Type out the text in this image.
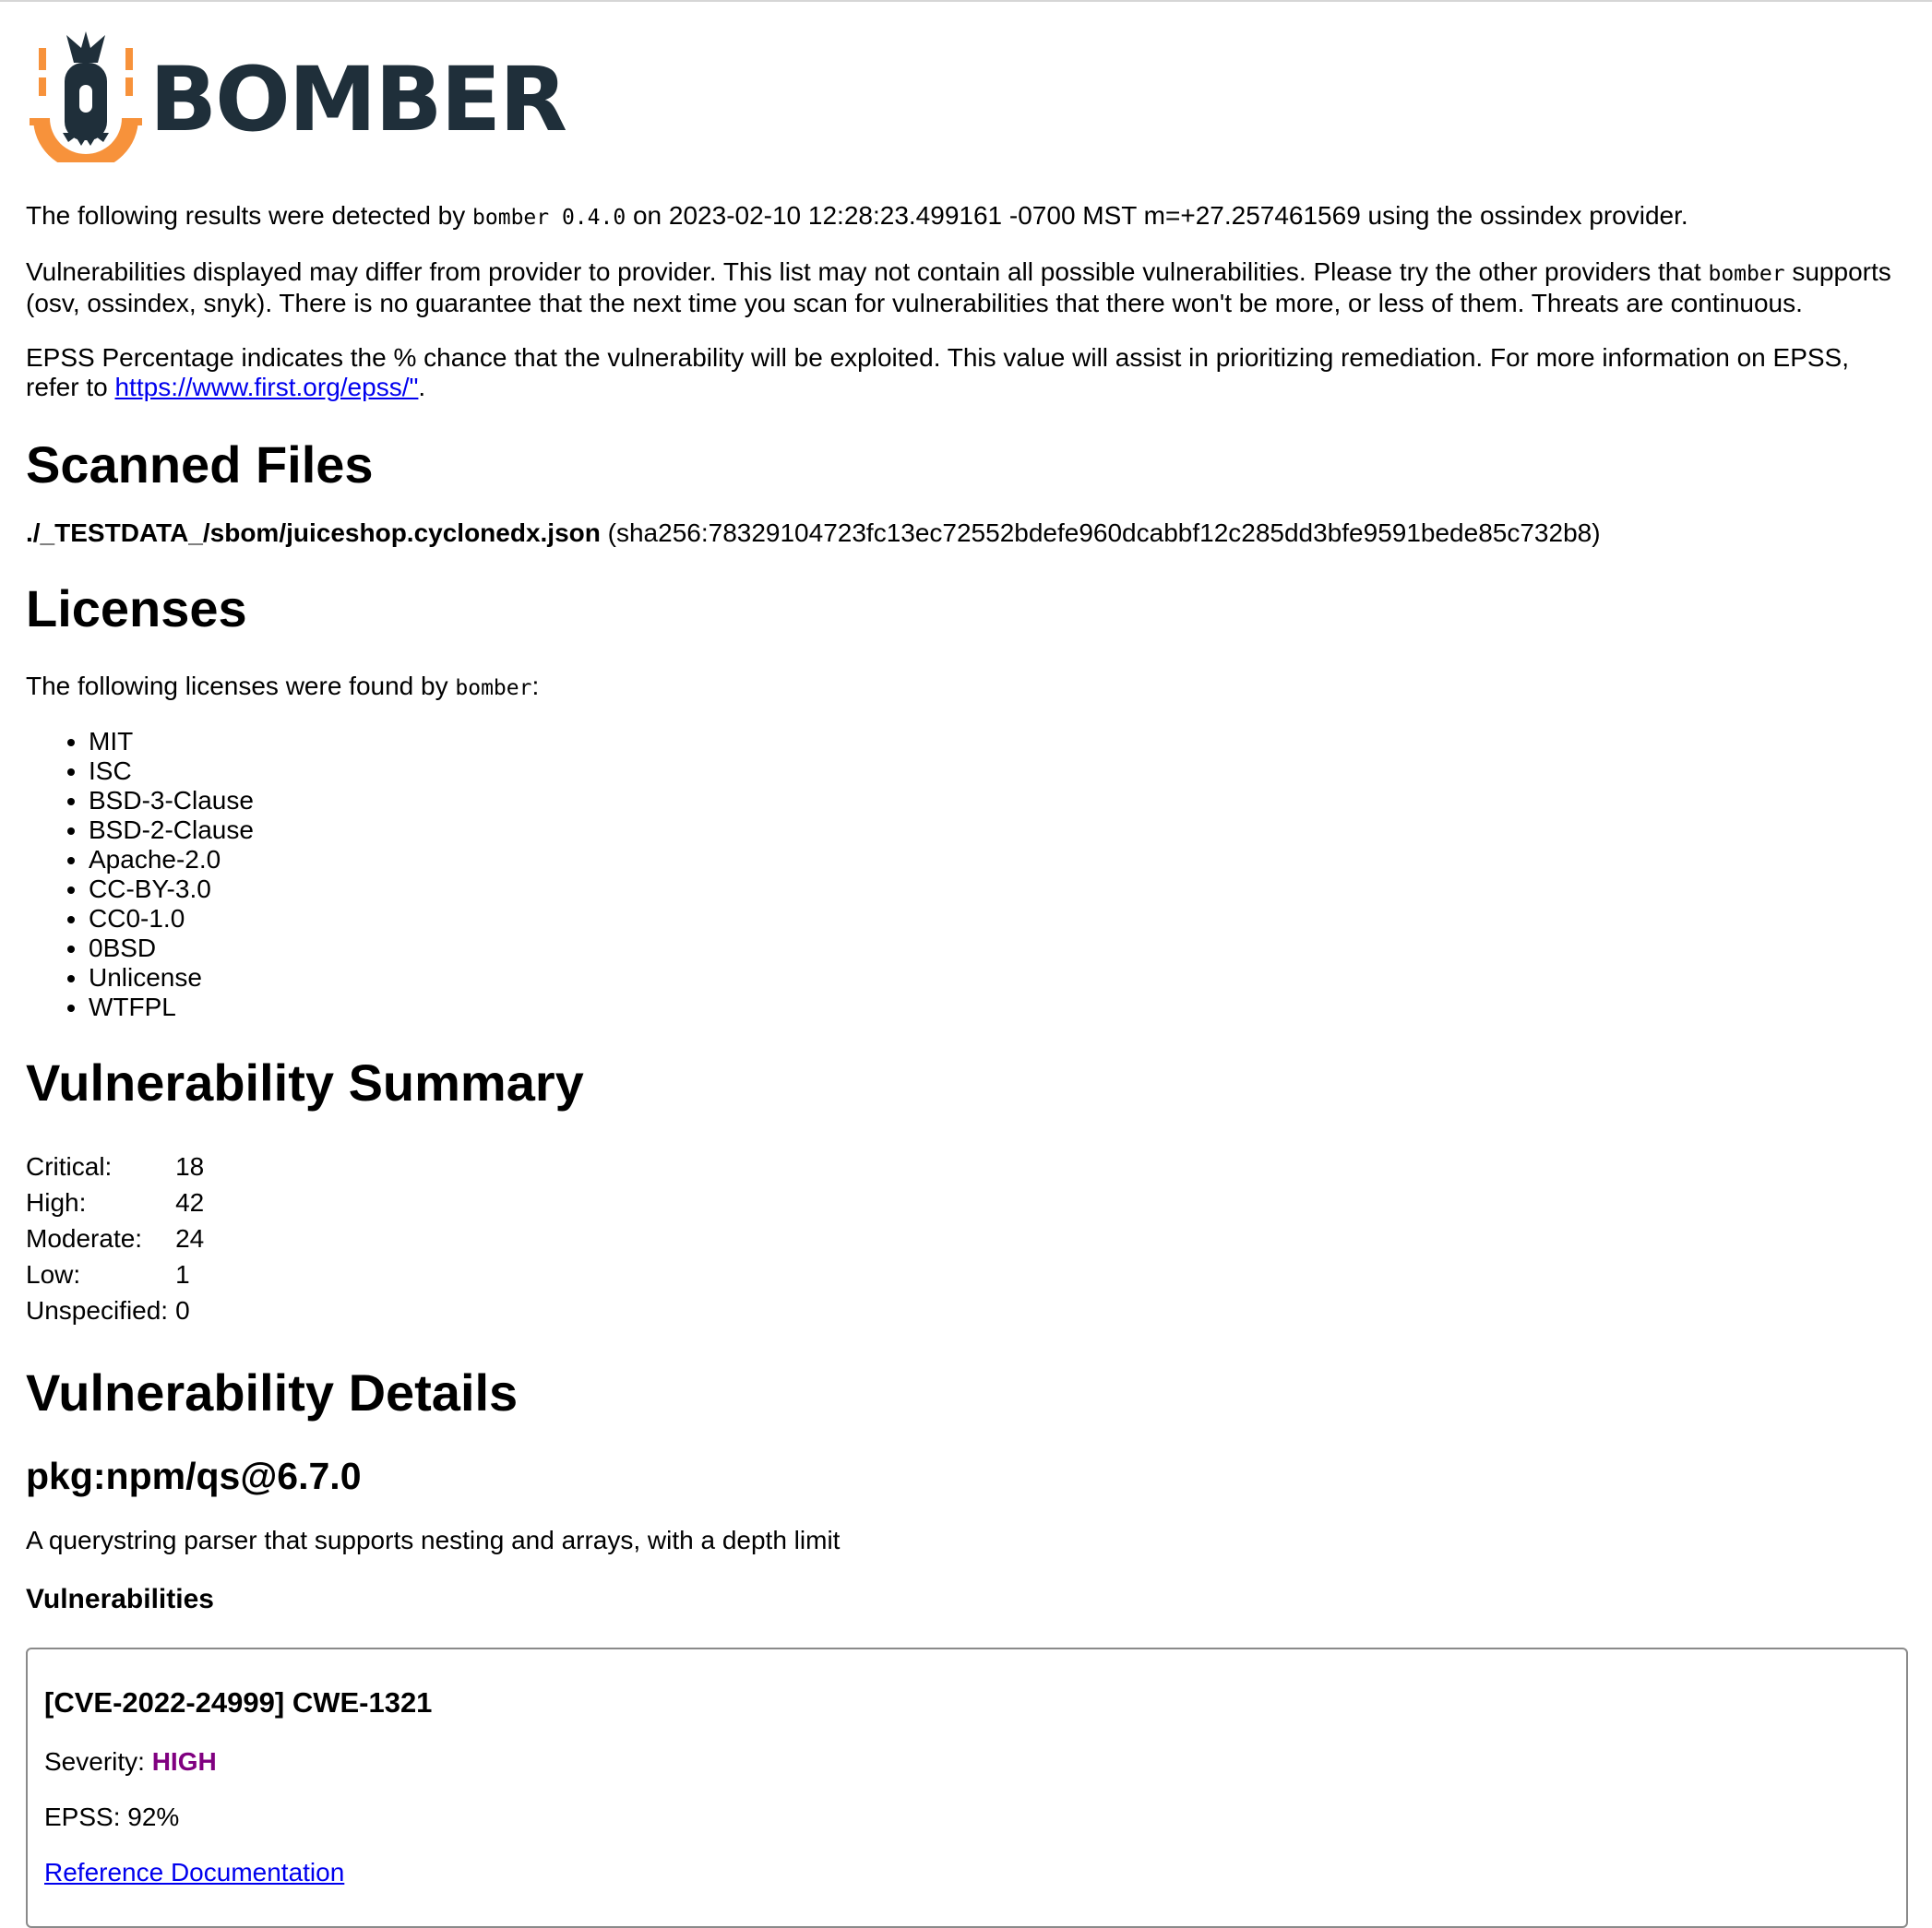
BOMBER

The following results were detected by bomber 0.4.0 on 2023-02-10 12:28:23.499161 -0700 MST m=+27.257461569 using the ossindex provider.

Vulnerabilities displayed may differ from provider to provider. This list may not contain all possible vulnerabilities. Please try the other providers that bomber supports (osv, ossindex, snyk). There is no guarantee that the next time you scan for vulnerabilities that there won't be more, or less of them. Threats are continuous.

EPSS Percentage indicates the % chance that the vulnerability will be exploited. This value will assist in prioritizing remediation. For more information on EPSS, refer to https://www.first.org/epss/".

Scanned Files

./_TESTDATA_/sbom/juiceshop.cyclonedx.json (sha256:78329104723fc13ec72552bdefe960dcabbf12c285dd3bfe9591bede85c732b8)

Licenses

The following licenses were found by bomber:

• MIT
• ISC
• BSD-3-Clause
• BSD-2-Clause
• Apache-2.0
• CC-BY-3.0
• CC0-1.0
• 0BSD
• Unlicense
• WTFPL
Vulnerability Summary
Critical:	18
High:	42
Moderate:	24
Low:	1
Unspecified:	0
Vulnerability Details
pkg:npm/qs@6.7.0

A querystring parser that supports nesting and arrays, with a depth limit

Vulnerabilities
[CVE-2022-24999] CWE-1321

Severity: HIGH

EPSS: 92%

Reference Documentation
